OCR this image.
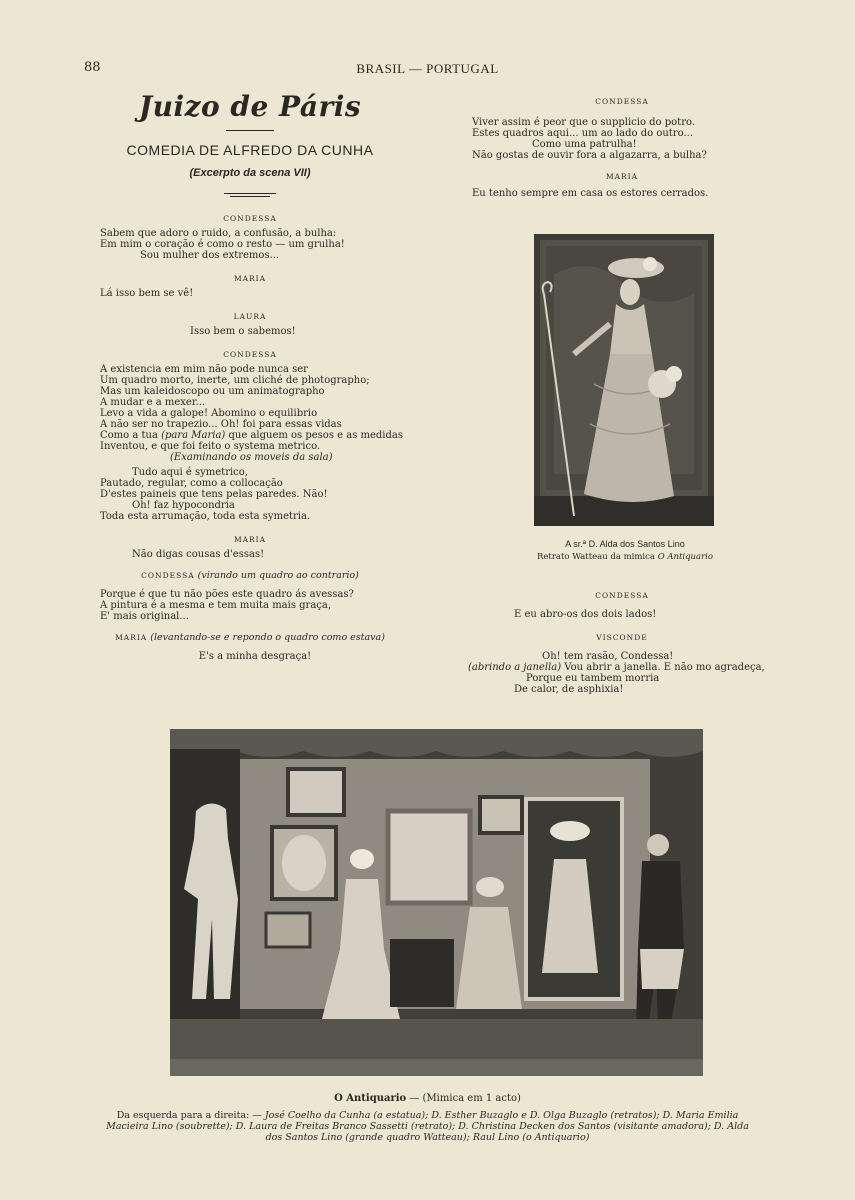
88	BRASIL — PORTUGAL
Juizo de Páris
COMEDIA DE ALFREDO DA CUNHA
(Excerpto da scena VII)
CONDESSA
Sabem que adoro o ruido, a confusão, a bulha:
Em mim o coração é como o resto — um grulha!
Sou mulher dos extremos...
MARIA
Lá isso bem se vê!
LAURA
Isso bem o sabemos!
CONDESSA
A existencia em mim não pode nunca ser
Um quadro morto, inerte, um cliché de photographo;
Mas um kaleidoscopo ou um animatographo
A mudar e a mexer...
Levo a vida a galope! Abomino o equilibrio
A não ser no trapezio... Oh! foi para essas vidas
Como a tua (para Maria) que alguem os pesos e as medidas
Inventou, e que foi feito o systema metrico.
(Examinando os moveis da sala)
Tudo aqui é symetrico,
Pautado, regular, como a collocação
D'estes paineis que tens pelas paredes. Não!
Oh! faz hypocondria
Toda esta arrumação, toda esta symetria.
MARIA
Não digas cousas d'essas!
CONDESSA (virando um quadro ao contrario)
Porque é que tu não pões este quadro ás avessas?
A pintura é a mesma e tem muita mais graça,
E' mais original...
MARIA (levantando-se e repondo o quadro como estava)
E's a minha desgraça!
CONDESSA
Viver assim é peor que o supplicio do potro.
Estes quadros aqui... um ao lado do outro...
Como uma patrulha!
Não gostas de ouvir fora a algazarra, a bulha?
MARIA
Eu tenho sempre em casa os estores cerrados.
A sr.ª D. Alda dos Santos Lino
Retrato Watteau da mimica O Antiquario
CONDESSA
E eu abro-os dos dois lados!
VISCONDE
Oh! tem rasão, Condessa!
(abrindo a janella) Vou abrir a janella. E não mo agradeça,
Porque eu tambem morria
De calor, de asphixia!
O Antiquario — (Mimica em 1 acto)
Da esquerda para a direita: — José Coelho da Cunha (a estatua); D. Esther Buzaglo e D. Olga Buzaglo (retratos); D. Maria Emilia
Macieira Lino (soubrette); D. Laura de Freitas Branco Sassetti (retrato); D. Christina Decken dos Santos (visitante amadora); D. Alda
dos Santos Lino (grande quadro Watteau); Raul Lino (o Antiquario)
